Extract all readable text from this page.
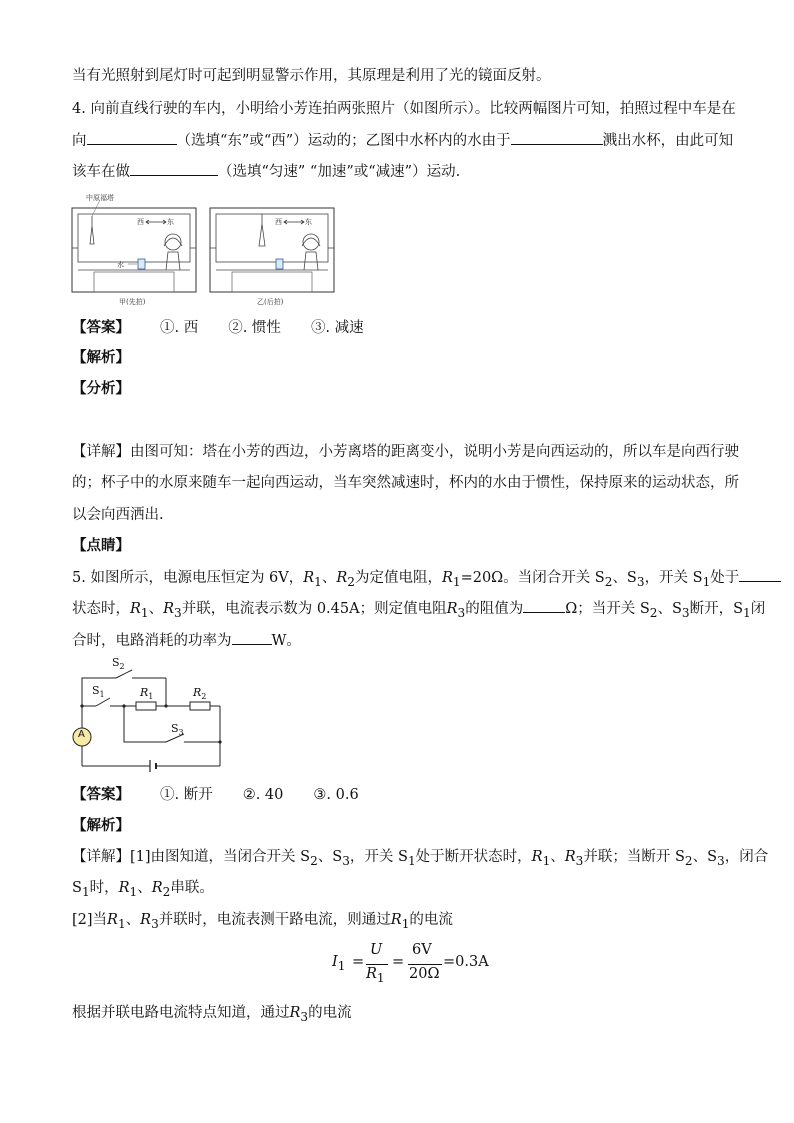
当有光照射到尾灯时可起到明显警示作用，其原理是利用了光的镜面反射。
4. 向前直线行驶的车内，小明给小芳连拍两张照片（如图所示）。比较两幅图片可知，拍照过程中车是在
向	（选填“东”或“西”）运动的；乙图中水杯内的水由于	溅出水杯，由此可知
该车在做	（选填“匀速” “加速”或“减速”）运动.
中原福塔
西	东	西	东
水
甲(先拍)	乙(后拍)
【答案】 ①. 西 ②. 惯性 ③. 减速
【解析】
【分析】
【详解】由图可知：塔在小芳的西边，小芳离塔的距离变小，说明小芳是向西运动的，所以车是向西行驶
的；杯子中的水原来随车一起向西运动，当车突然减速时，杯内的水由于惯性，保持原来的运动状态，所
以会向西洒出.
【点睛】
5. 如图所示，电源电压恒定为 6V，$R_1$、$R_2$为定值电阻，$R_1=20\Omega$。当闭合开关 $S_2$、$S_3$，开关 $S_1$处于
状态时，$R_1$、$R_3$并联，电流表示数为 0.45A；则定值电阻$R_3$的阻值为	Ω；当开关 $S_2$、$S_3$断开，$S_1$闭
合时，电路消耗的功率为	W。
$S_2$
$S_1$	$R_1$	$R_2$
$S_3$
A
【答案】 ①. 断开 ②. 40 ③. 0.6
【解析】
【详解】[1]由图知道，当闭合开关 $S_2$、$S_3$，开关 $S_1$处于断开状态时，$R_1$、$R_3$并联；当断开 $S_2$、$S_3$，闭合
$S_1$时，$R_1$、$R_2$串联。
[2]当$R_1$、$R_3$并联时，电流表测干路电流，则通过$R_1$的电流
$I_1$ =
U
$R_1$
=
6V
20Ω
=0.3A
根据并联电路电流特点知道，通过$R_3$的电流
